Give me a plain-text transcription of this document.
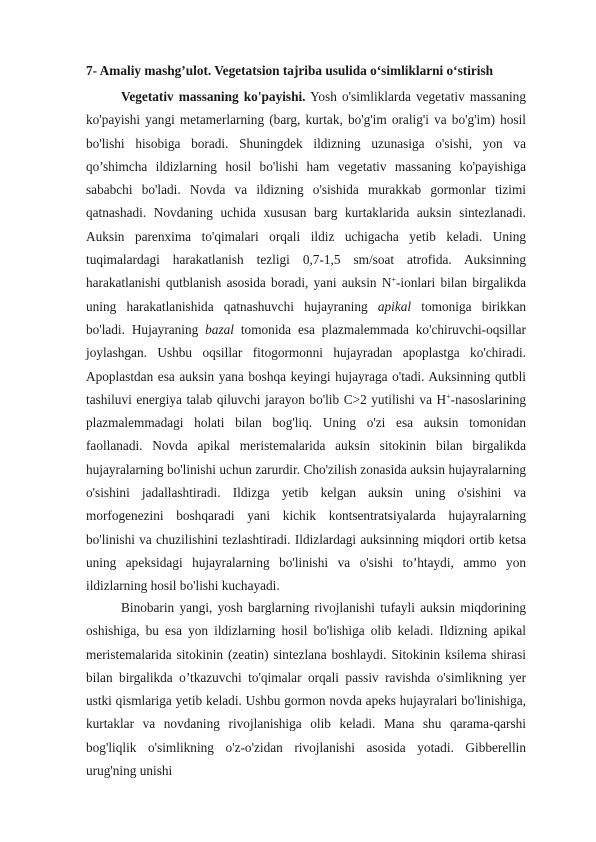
7- Amaliy mashg’ulot. Vegetatsion tajriba usulida o‘simliklarni o‘stirish

Vegetativ massaning ko'payishi. Yosh o'simliklarda vegetativ massaning ko'payishi yangi metamerlarning (barg, kurtak, bo'g'im oralig'i va bo'g'im) hosil bo'lishi hisobiga boradi. Shuningdek ildizning uzunasiga o'sishi, yon va qo’shimcha ildizlarning hosil bo'lishi ham vegetativ massaning ko'payishiga sababchi bo'ladi. Novda va ildizning o'sishida murakkab gormonlar tizimi qatnashadi. Novdaning uchida xususan barg kurtaklarida auksin sintezlanadi. Auksin parenxima to'qimalari orqali ildiz uchigacha yetib keladi. Uning tuqimalardagi harakatlanish tezligi 0,7-1,5 sm/soat atrofida. Auksinning harakatlanishi qutblanish asosida boradi, yani auksin N+-ionlari bilan birgalikda uning harakatlanishida qatnashuvchi hujayraning apikal tomoniga birikkan bo'ladi. Hujayraning bazal tomonida esa plazmalemmada ko'chiruvchi-oqsillar joylashgan. Ushbu oqsillar fitogormonni hujayradan apoplastga ko'chiradi. Apoplastdan esa auksin yana boshqa keyingi hujayraga o'tadi. Auksinning qutbli tashiluvi energiya talab qiluvchi jarayon bo'lib C>2 yutilishi va H+-nasoslarining plazmalemmadagi holati bilan bog'liq. Uning o'zi esa auksin tomonidan faollanadi. Novda apikal meristemalarida auksin sitokinin bilan birgalikda hujayralarning bo'linishi uchun zarurdir. Cho'zilish zonasida auksin hujayralarning o'sishini jadallashtiradi. Ildizga yetib kelgan auksin uning o'sishini va morfogenezini boshqaradi yani kichik kontsentratsiyalarda hujayralarning bo'linishi va chuzilishini tezlashtiradi. Ildizlardagi auksinning miqdori ortib ketsa uning apeksidagi hujayralarning bo'linishi va o'sishi to’htaydi, ammo yon ildizlarning hosil bo'lishi kuchayadi.

Binobarin yangi, yosh barglarning rivojlanishi tufayli auksin miqdorining oshishiga, bu esa yon ildizlarning hosil bo'lishiga olib keladi. Ildizning apikal meristemalarida sitokinin (zeatin) sintezlana boshlaydi. Sitokinin ksilema shirasi bilan birgalikda o’tkazuvchi to'qimalar orqali passiv ravishda o'simlikning yer ustki qismlariga yetib keladi. Ushbu gormon novda apeks hujayralari bo'linishiga, kurtaklar va novdaning rivojlanishiga olib keladi. Mana shu qarama-qarshi bog'liqlik o'simlikning o'z-o'zidan rivojlanishi asosida yotadi. Gibberellin urug'ning unishi
